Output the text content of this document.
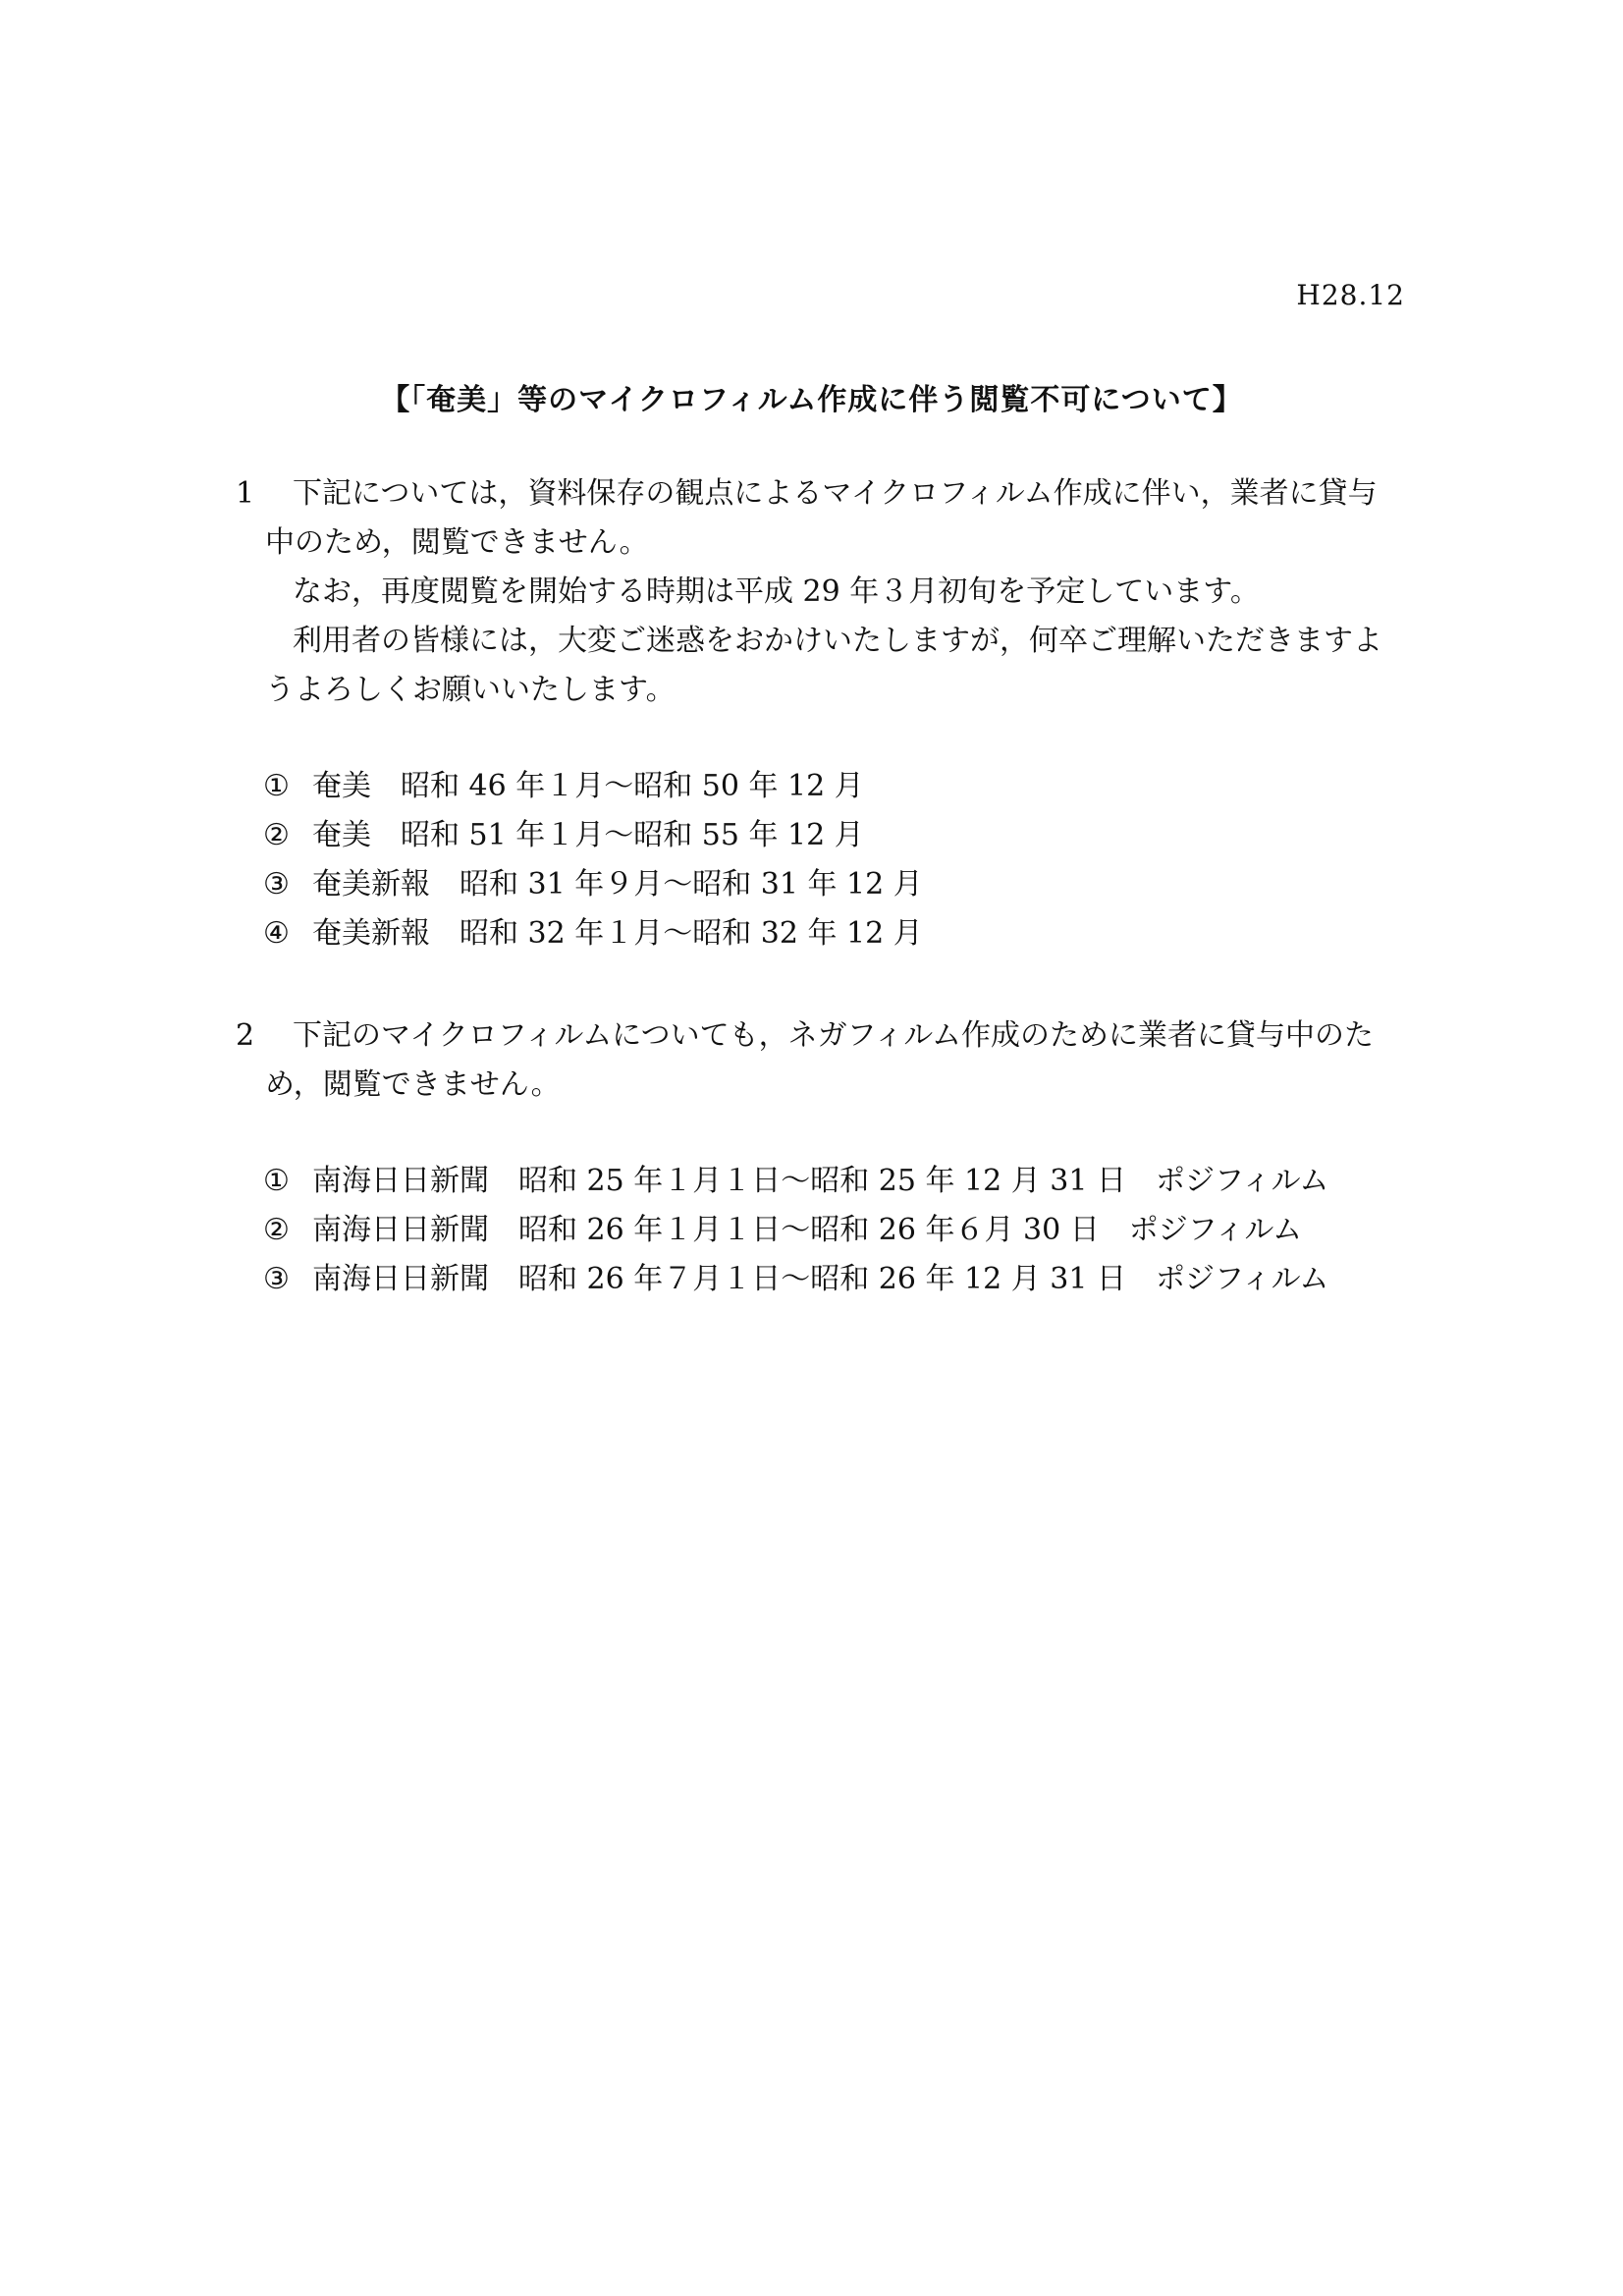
H28.12
【「奄美」等のマイクロフィルム作成に伴う閲覧不可について】
1	下記については，資料保存の観点によるマイクロフィルム作成に伴い，業者に貸与
中のため，閲覧できません。
なお，再度閲覧を開始する時期は平成 29 年３月初旬を予定しています。
利用者の皆様には，大変ご迷惑をおかけいたしますが，何卒ご理解いただきますよ
うよろしくお願いいたします。
① 奄美　昭和 46 年１月〜昭和 50 年 12 月
② 奄美　昭和 51 年１月〜昭和 55 年 12 月
③ 奄美新報　昭和 31 年９月〜昭和 31 年 12 月
④ 奄美新報　昭和 32 年１月〜昭和 32 年 12 月
2	下記のマイクロフィルムについても，ネガフィルム作成のために業者に貸与中のた
め，閲覧できません。
① 南海日日新聞　昭和 25 年１月１日〜昭和 25 年 12 月 31 日　ポジフィルム
② 南海日日新聞　昭和 26 年１月１日〜昭和 26 年６月 30 日　ポジフィルム
③ 南海日日新聞　昭和 26 年７月１日〜昭和 26 年 12 月 31 日　ポジフィルム
